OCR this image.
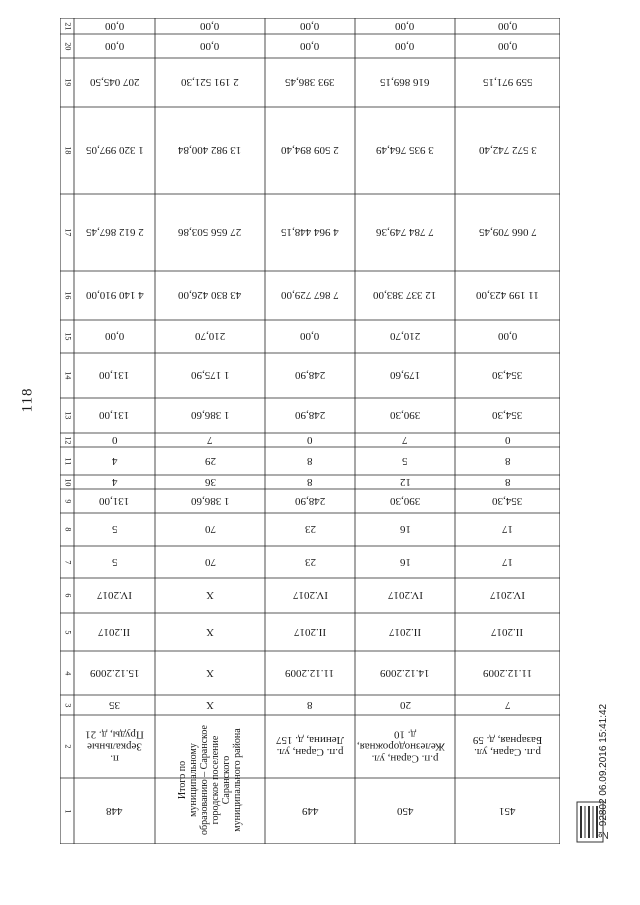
118
1
2
3
4
5
6
7
8
9
10
11
12
13
14
15
16
17
18
19
20
21
448
п. Зеркальные Пруды, д. 21
35
15.12.2009
II.2017
IV.2017
5
5
131,00
4
4
0
131,00
131,00
0,00
4 140 910,00
2 612 867,45
1 320 997,05
207 045,50
0,00
0,00
Итого по муниципальному образованию – Саранское городское поселение Саранского муниципального района
X
X
X
X
70
70
1 386,60
36
29
7
1 386,60
1 175,90
210,70
43 830 426,00
27 656 503,86
13 982 400,84
2 191 521,30
0,00
0,00
449
р.п. Саран, ул. Ленина, д. 157
8
11.12.2009
II.2017
IV.2017
23
23
248,90
8
8
0
248,90
248,90
0,00
7 867 729,00
4 964 448,15
2 509 894,40
393 386,45
0,00
0,00
450
р.п. Саран, ул. Железнодорожная, д. 10
20
14.12.2009
II.2017
IV.2017
16
16
390,30
12
5
7
390,30
179,60
210,70
12 337 383,00
7 784 749,36
3 935 764,49
616 869,15
0,00
0,00
451
р.п. Саран, ул. Базарная, д. 59
7
11.12.2009
II.2017
IV.2017
17
17
354,30
8
8
0
354,30
354,30
0,00
11 199 423,00
7 066 709,45
3 572 742,40
559 971,15
0,00
0,00
№ 92802 06.09.2016 15:41:42
